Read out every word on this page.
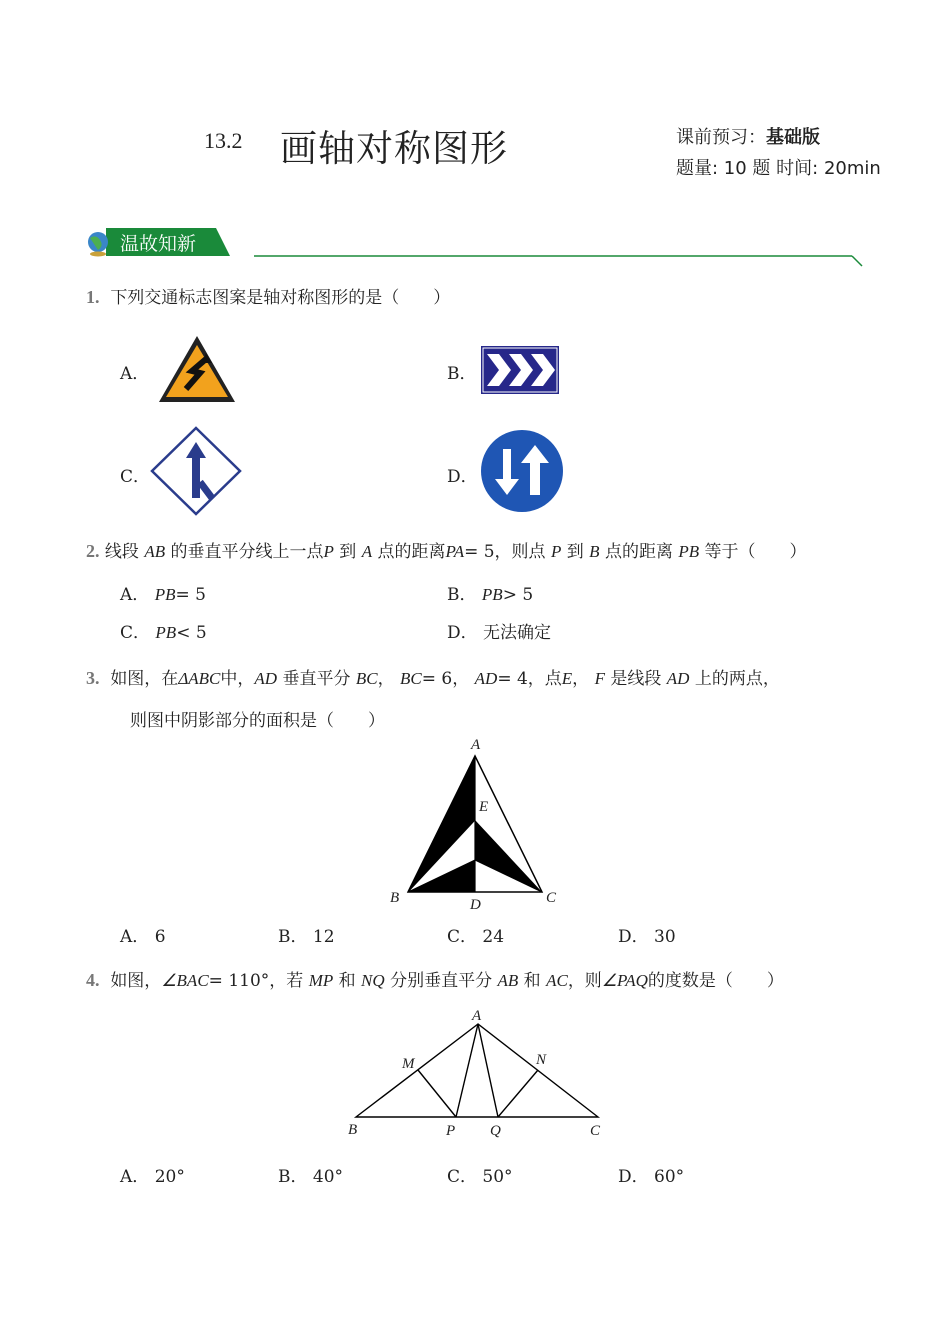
13.2 画轴对称图形	课前预习：基础版
题量: 10 题 时间: 20min
温故知新
1. 下列交通标志图案是轴对称图形的是（　　）
A．	B．
C．	D．
2. 线段 AB 的垂直平分线上一点P 到 A 点的距离PA= 5，则点 P 到 B 点的距离 PB 等于（　　）
A． PB= 5	B． PB> 5
C． PB< 5	D． 无法确定
3. 如图，在ΔABC中，AD 垂直平分 BC， BC= 6， AD= 4，点E， F 是线段 AD 上的两点，
则图中阴影部分的面积是（　　）
A
B	C
D
E
A． 6	B． 12	C． 24	D． 30
4. 如图，∠BAC= 110°，若 MP 和 NQ 分别垂直平分 AB 和 AC，则∠PAQ的度数是（　　）
A
M	N
B	P Q	C
A． 20°	B． 40°	C． 50°	D． 60°
